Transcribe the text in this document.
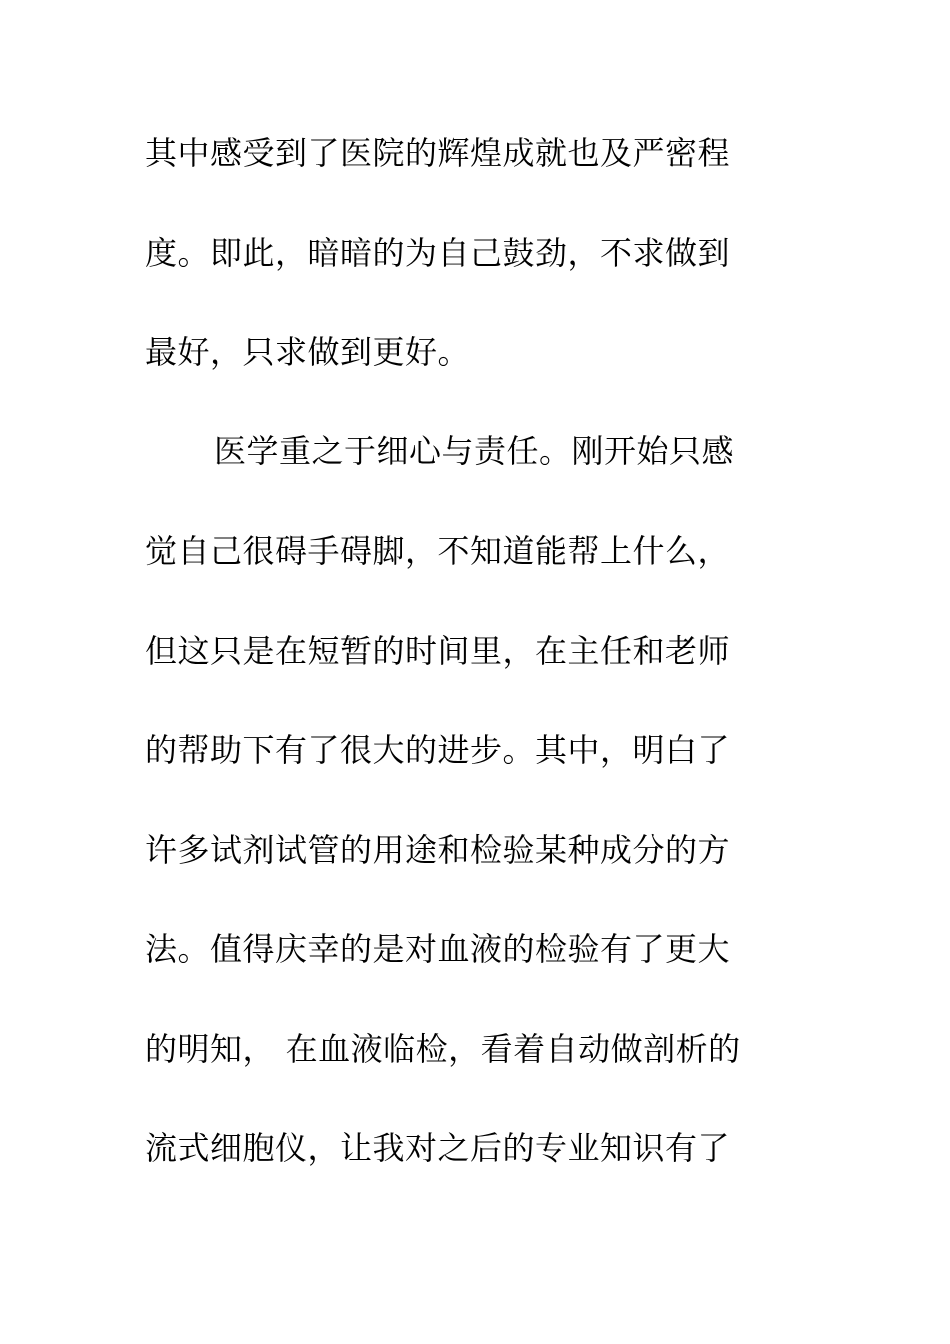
其中感受到了医院的辉煌成就也及严密程
度。即此，暗暗的为自己鼓劲，不求做到
最好，只求做到更好。
医学重之于细心与责任。刚开始只感
觉自己很碍手碍脚，不知道能帮上什么，
但这只是在短暂的时间里，在主任和老师
的帮助下有了很大的进步。其中，明白了
许多试剂试管的用途和检验某种成分的方
法。值得庆幸的是对血液的检验有了更大
的明知， 在血液临检，看着自动做剖析的
流式细胞仪，让我对之后的专业知识有了
